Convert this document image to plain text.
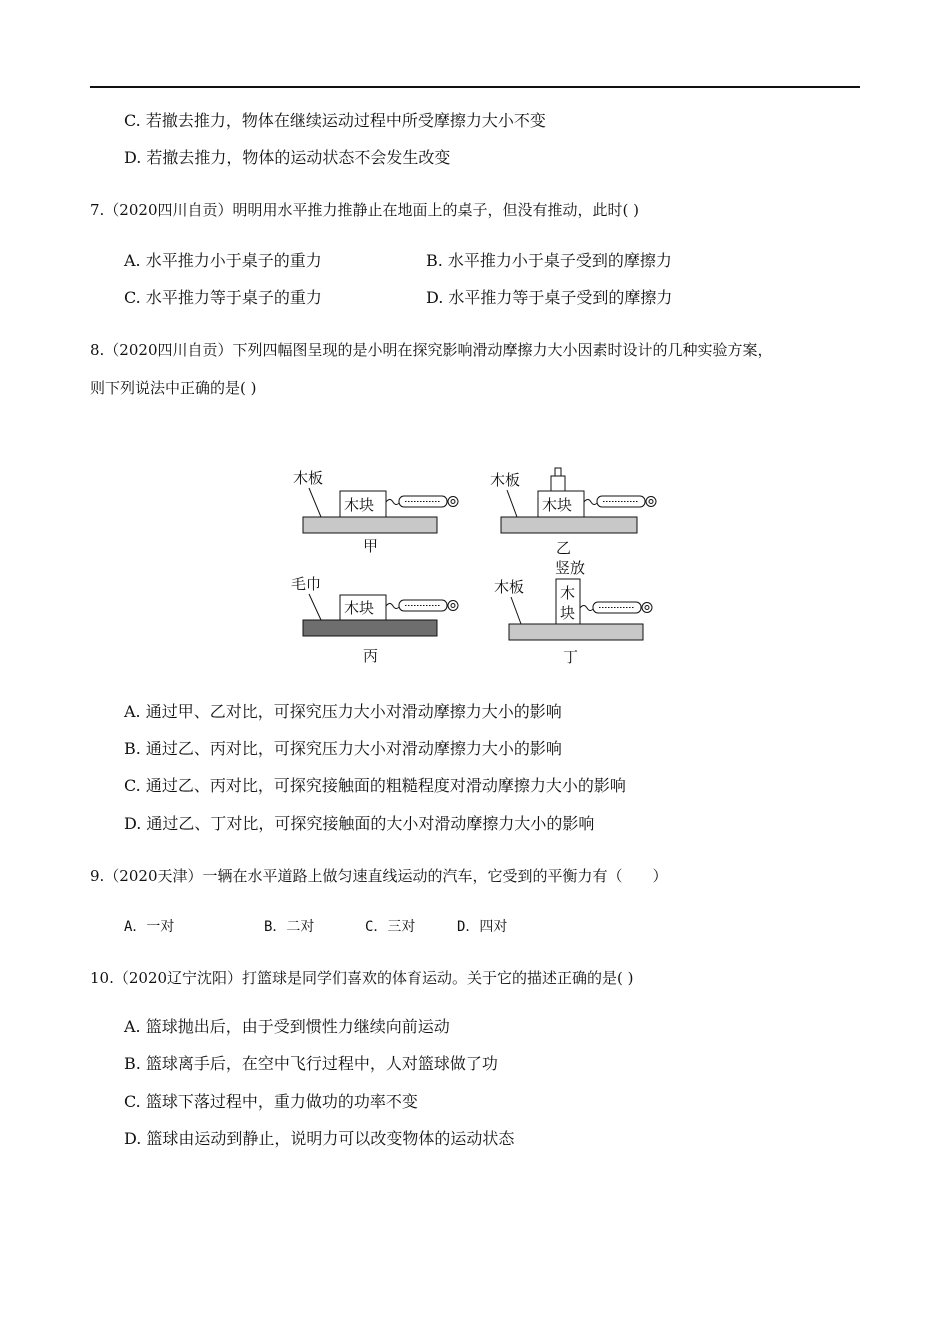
C. 若撤去推力，物体在继续运动过程中所受摩擦力大小不变
D. 若撤去推力，物体的运动状态不会发生改变
7.（2020四川自贡）明明用水平推力推静止在地面上的桌子，但没有推动，此时( )
A. 水平推力小于桌子的重力	B. 水平推力小于桌子受到的摩擦力
C. 水平推力等于桌子的重力	D. 水平推力等于桌子受到的摩擦力
8.（2020四川自贡）下列四幅图呈现的是小明在探究影响滑动摩擦力大小因素时设计的几种实验方案，
则下列说法中正确的是( )
木板
木块
甲
木板
木块
乙
毛巾
木块
丙
竖放
木板 木
块
丁
A. 通过甲、乙对比，可探究压力大小对滑动摩擦力大小的影响
B. 通过乙、丙对比，可探究压力大小对滑动摩擦力大小的影响
C. 通过乙、丙对比，可探究接触面的粗糙程度对滑动摩擦力大小的影响
D. 通过乙、丁对比，可探究接触面的大小对滑动摩擦力大小的影响
9.（2020天津）一辆在水平道路上做匀速直线运动的汽车，它受到的平衡力有（　　）
A．一对	B．二对	C．三对	D．四对
10.（2020辽宁沈阳）打篮球是同学们喜欢的体育运动。关于它的描述正确的是( )
A. 篮球抛出后，由于受到惯性力继续向前运动
B. 篮球离手后，在空中飞行过程中，人对篮球做了功
C. 篮球下落过程中，重力做功的功率不变
D. 篮球由运动到静止，说明力可以改变物体的运动状态
